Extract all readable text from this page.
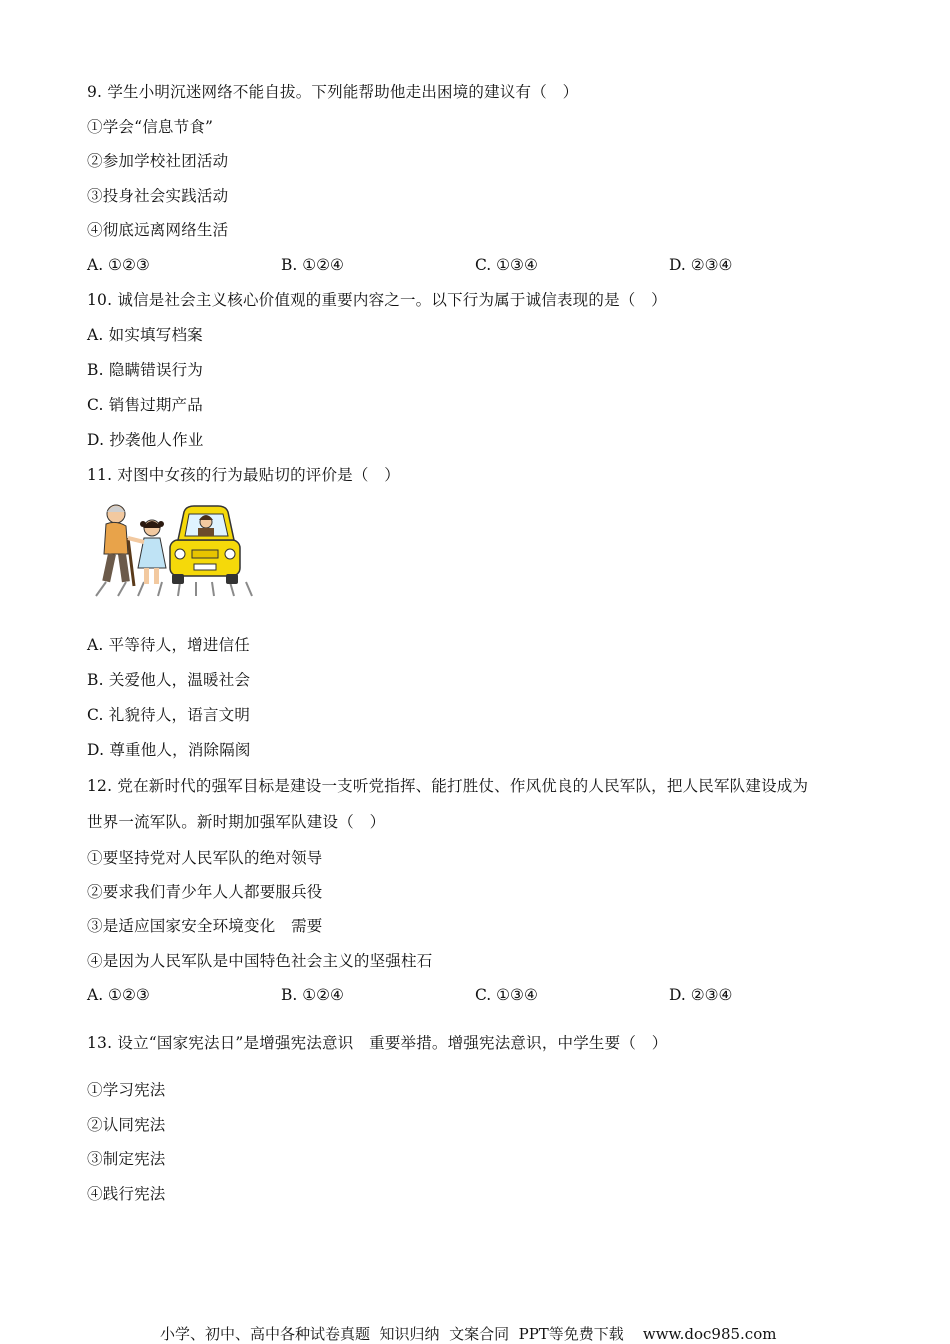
9. 学生小明沉迷网络不能自拔。下列能帮助他走出困境的建议有（　）
①学会“信息节食”
②参加学校社团活动
③投身社会实践活动
④彻底远离网络生活
A. ①②③	B. ①②④	C. ①③④	D. ②③④
10. 诚信是社会主义核心价值观的重要内容之一。以下行为属于诚信表现的是（　）
A. 如实填写档案
B. 隐瞒错误行为
C. 销售过期产品
D. 抄袭他人作业
11. 对图中女孩的行为最贴切的评价是（　）
A. 平等待人，增进信任
B. 关爱他人，温暖社会
C. 礼貌待人，语言文明
D. 尊重他人，消除隔阂
12. 党在新时代的强军目标是建设一支听党指挥、能打胜仗、作风优良的人民军队，把人民军队建设成为
世界一流军队。新时期加强军队建设（　）
①要坚持党对人民军队的绝对领导
②要求我们青少年人人都要服兵役
③是适应国家安全环境变化　需要
④是因为人民军队是中国特色社会主义的坚强柱石
A. ①②③	B. ①②④	C. ①③④	D. ②③④
13. 设立“国家宪法日”是增强宪法意识　重要举措。增强宪法意识，中学生要（　）
①学习宪法
②认同宪法
③制定宪法
④践行宪法
小学、初中、高中各种试卷真题  知识归纳  文案合同  PPT等免费下载    www.doc985.com
